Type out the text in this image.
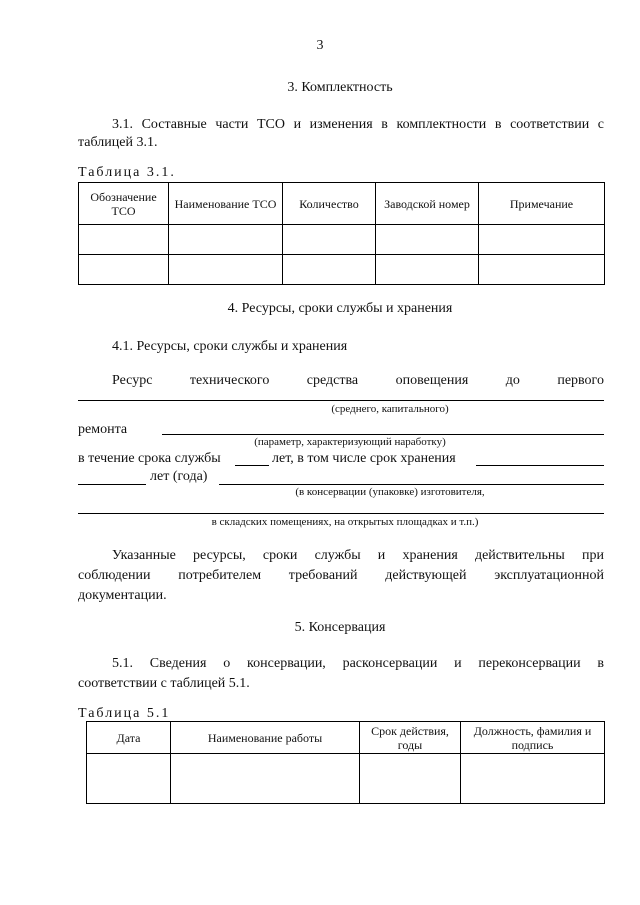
3
3. Комплектность
3.1. Составные части ТСО и изменения в комплектности в соответствии с
таблицей 3.1.
Таблица 3.1.
Обозначение ТСО	Наименование ТСО	Количество	Заводской номер	Примечание

4. Ресурсы, сроки службы и хранения
4.1. Ресурсы, сроки службы и хранения
Ресурс	технического	средства	оповещения	до	первого
(среднего, капитального)
ремонта
(параметр, характеризующий наработку)
в течение срока службы	лет, в том числе срок хранения
лет (года)
(в консервации (упаковке) изготовителя,
в складских помещениях, на открытых площадках и т.п.)
Указанные ресурсы, сроки службы и хранения действительны при
соблюдении потребителем требований действующей эксплуатационной
документации.
5. Консервация
5.1. Сведения о консервации, расконсервации и переконсервации в
соответствии с таблицей 5.1.
Таблица 5.1
Дата	Наименование работы	Срок действия, годы	Должность, фамилия и подпись
